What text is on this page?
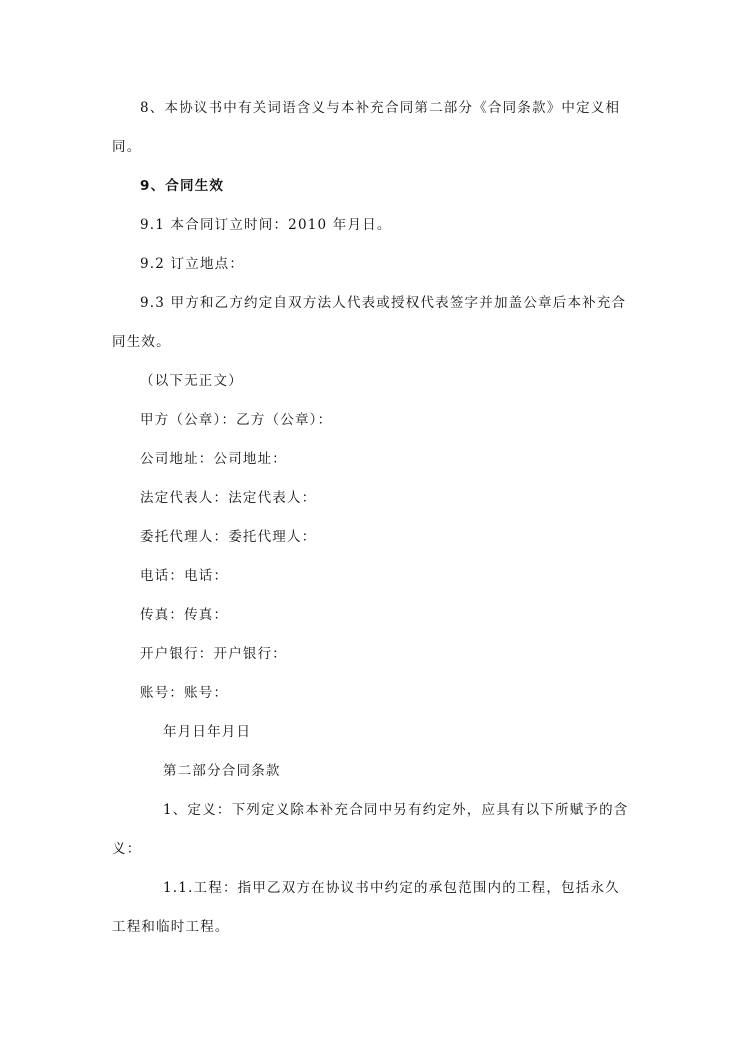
8、本协议书中有关词语含义与本补充合同第二部分《合同条款》中定义相
同。
9、合同生效
9.1 本合同订立时间：2010 年月日。
9.2 订立地点：
9.3 甲方和乙方约定自双方法人代表或授权代表签字并加盖公章后本补充合
同生效。
（以下无正文）
甲方（公章）：乙方（公章）：
公司地址：公司地址：
法定代表人：法定代表人：
委托代理人：委托代理人：
电话：电话：
传真：传真：
开户银行：开户银行：
账号：账号：
年月日年月日
第二部分合同条款
1、定义：下列定义除本补充合同中另有约定外，应具有以下所赋予的含
义：
1.1.工程：指甲乙双方在协议书中约定的承包范围内的工程，包括永久
工程和临时工程。
